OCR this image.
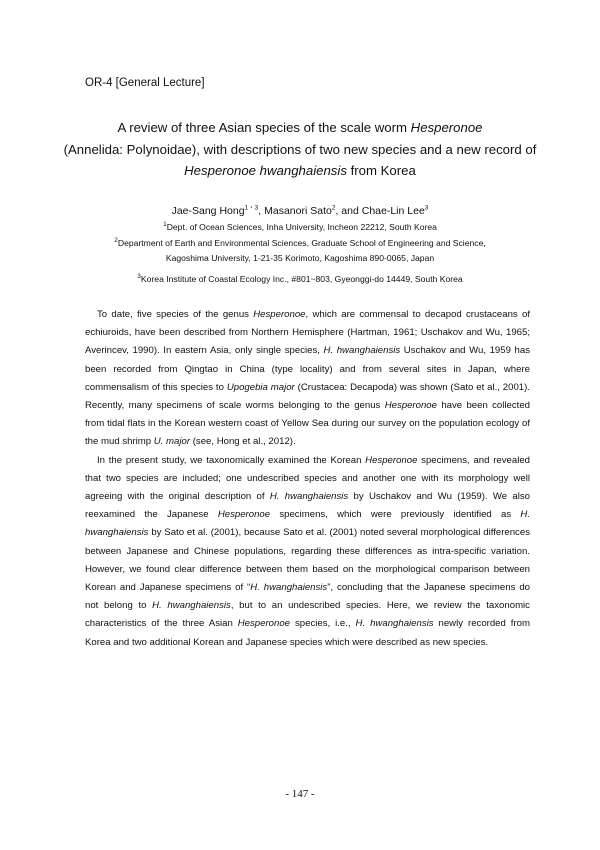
OR-4 [General Lecture]
A review of three Asian species of the scale worm Hesperonoe
(Annelida: Polynoidae), with descriptions of two new species and a new record of
Hesperonoe hwanghaiensis from Korea
Jae-Sang Hong$^{1・3}$, Masanori Sato$^2$, and Chae-Lin Lee$^3$
$^1$Dept. of Ocean Sciences, Inha University, Incheon 22212, South Korea
$^2$Department of Earth and Environmental Sciences, Graduate School of Engineering and Science,
Kagoshima University, 1-21-35 Korimoto, Kagoshima 890-0065, Japan
$^3$Korea Institute of Coastal Ecology Inc., #801~803, Gyeonggi-do 14449, South Korea

To date, five species of the genus Hesperonoe, which are commensal to decapod crustaceans of echiuroids, have been described from Northern Hemisphere (Hartman, 1961; Uschakov and Wu, 1965; Averincev, 1990). In eastern Asia, only single species, H. hwanghaiensis Uschakov and Wu, 1959 has been recorded from Qingtao in China (type locality) and from several sites in Japan, where commensalism of this species to Upogebia major (Crustacea: Decapoda) was shown (Sato et al., 2001). Recently, many specimens of scale worms belonging to the genus Hesperonoe have been collected from tidal flats in the Korean western coast of Yellow Sea during our survey on the population ecology of the mud shrimp U. major (see, Hong et al., 2012).

In the present study, we taxonomically examined the Korean Hesperonoe specimens, and revealed that two species are included; one undescribed species and another one with its morphology well agreeing with the original description of H. hwanghaiensis by Uschakov and Wu (1959). We also reexamined the Japanese Hesperonoe specimens, which were previously identified as H. hwanghaiensis by Sato et al. (2001), because Sato et al. (2001) noted several morphological differences between Japanese and Chinese populations, regarding these differences as intra-specific variation. However, we found clear difference between them based on the morphological comparison between Korean and Japanese specimens of “H. hwanghaiensis”, concluding that the Japanese specimens do not belong to H. hwanghaiensis, but to an undescribed species. Here, we review the taxonomic characteristics of the three Asian Hesperonoe species, i.e., H. hwanghaiensis newly recorded from Korea and two additional Korean and Japanese species which were described as new species.

- 147 -
